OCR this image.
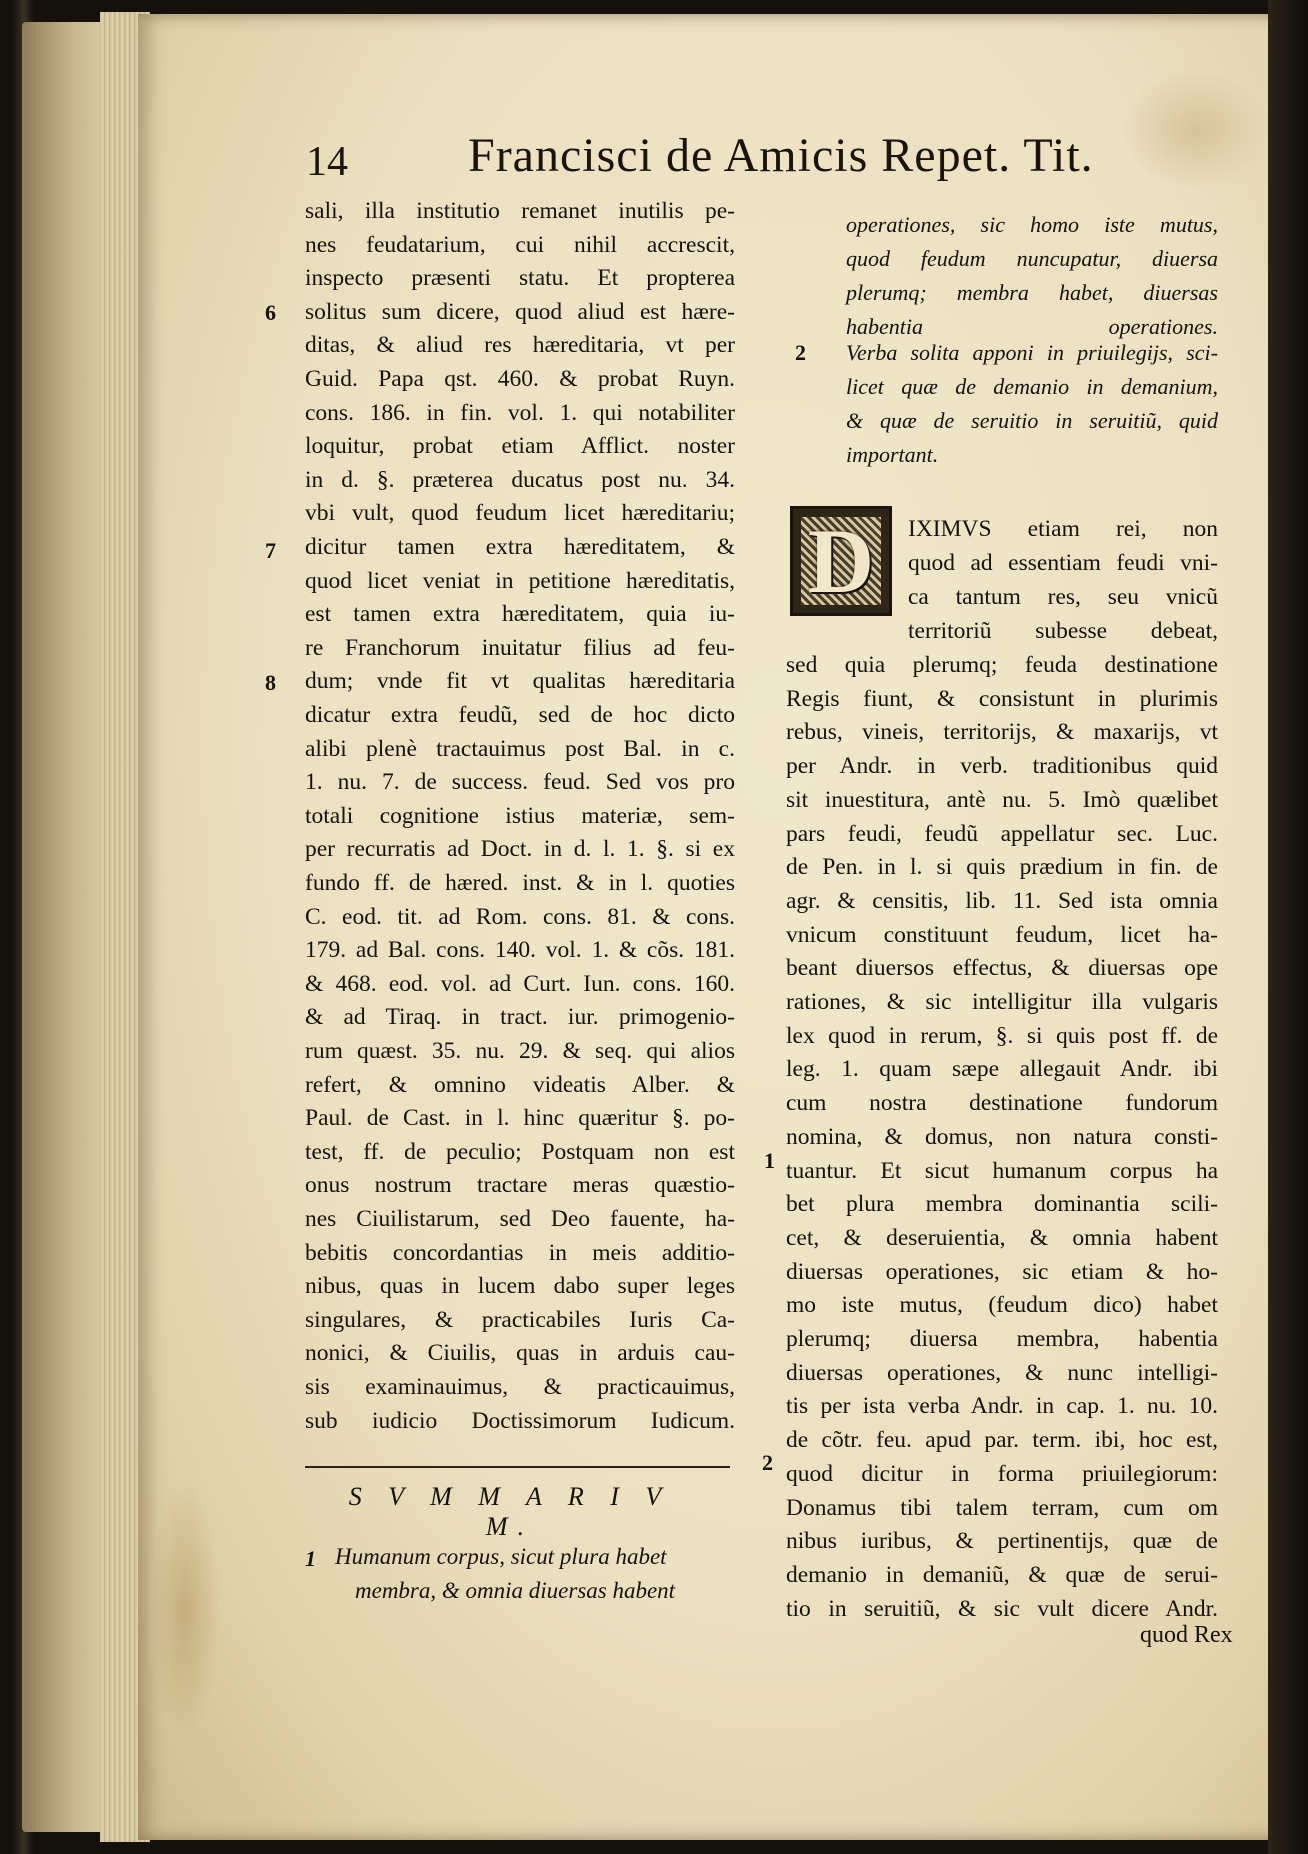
14	Francisci de Amicis Repet. Tit.
sali, illa institutio remanet inutilis pe-
nes feudatarium, cui nihil accrescit,
inspecto præsenti statu. Et propterea
solitus sum dicere, quod aliud est hære-
ditas, & aliud res hæreditaria, vt per
Guid. Papa qst. 460. & probat Ruyn.
cons. 186. in fin. vol. 1. qui notabiliter
loquitur, probat etiam Afflict. noster
in d. §. præterea ducatus post nu. 34.
vbi vult, quod feudum licet hæreditariu;
dicitur tamen extra hæreditatem, &
quod licet veniat in petitione hæreditatis,
est tamen extra hæreditatem, quia iu-
re Franchorum inuitatur filius ad feu-
dum; vnde fit vt qualitas hæreditaria
dicatur extra feudũ, sed de hoc dicto
alibi plenè tractauimus post Bal. in c.
1. nu. 7. de success. feud. Sed vos pro
totali cognitione istius materiæ, sem-
per recurratis ad Doct. in d. l. 1. §. si ex
fundo ff. de hæred. inst. & in l. quoties
C. eod. tit. ad Rom. cons. 81. & cons.
179. ad Bal. cons. 140. vol. 1. & cõs. 181.
& 468. eod. vol. ad Curt. Iun. cons. 160.
& ad Tiraq. in tract. iur. primogenio-
rum quæst. 35. nu. 29. & seq. qui alios
refert, & omnino videatis Alber. &
Paul. de Cast. in l. hinc quæritur §. po-
test, ff. de peculio; Postquam non est
onus nostrum tractare meras quæstio-
nes Ciuilistarum, sed Deo fauente, ha-
bebitis concordantias in meis additio-
nibus, quas in lucem dabo super leges
singulares, & practicabiles Iuris Ca-
nonici, & Ciuilis, quas in arduis cau-
sis examinauimus, & practicauimus,
sub iudicio Doctissimorum Iudicum.
6
7
8
S V M M A R I V M.
1 Humanum corpus, sicut plura habet
membra, & omnia diuersas habent
operationes, sic homo iste mutus,
quod feudum nuncupatur, diuersa
plerumq; membra habet, diuersas
habentia operationes.
Verba solita apponi in priuilegijs, sci-
licet quæ de demanio in demanium,
& quæ de seruitio in seruitiũ, quid
important.
IXIMVS etiam rei, non
quod ad essentiam feudi vni-
ca tantum res, seu vnicũ
territoriũ subesse debeat,
sed quia plerumq; feuda destinatione
Regis fiunt, & consistunt in plurimis
rebus, vineis, territorijs, & maxarijs, vt
per Andr. in verb. traditionibus quid
sit inuestitura, antè nu. 5. Imò quælibet
pars feudi, feudũ appellatur sec. Luc.
de Pen. in l. si quis prædium in fin. de
agr. & censitis, lib. 11. Sed ista omnia
vnicum constituunt feudum, licet ha-
beant diuersos effectus, & diuersas ope
rationes, & sic intelligitur illa vulgaris
lex quod in rerum, §. si quis post ff. de
leg. 1. quam sæpe allegauit Andr. ibi
cum nostra destinatione fundorum
nomina, & domus, non natura consti-
tuantur. Et sicut humanum corpus ha
bet plura membra dominantia scili-
cet, & deseruientia, & omnia habent
diuersas operationes, sic etiam & ho-
mo iste mutus, (feudum dico) habet
plerumq; diuersa membra, habentia
diuersas operationes, & nunc intelligi-
tis per ista verba Andr. in cap. 1. nu. 10.
de cõtr. feu. apud par. term. ibi, hoc est,
quod dicitur in forma priuilegiorum:
Donamus tibi talem terram, cum om
nibus iuribus, & pertinentijs, quæ de
demanio in demaniũ, & quæ de serui-
tio in seruitiũ, & sic vult dicere Andr.
D
2
1
2
quod Rex
